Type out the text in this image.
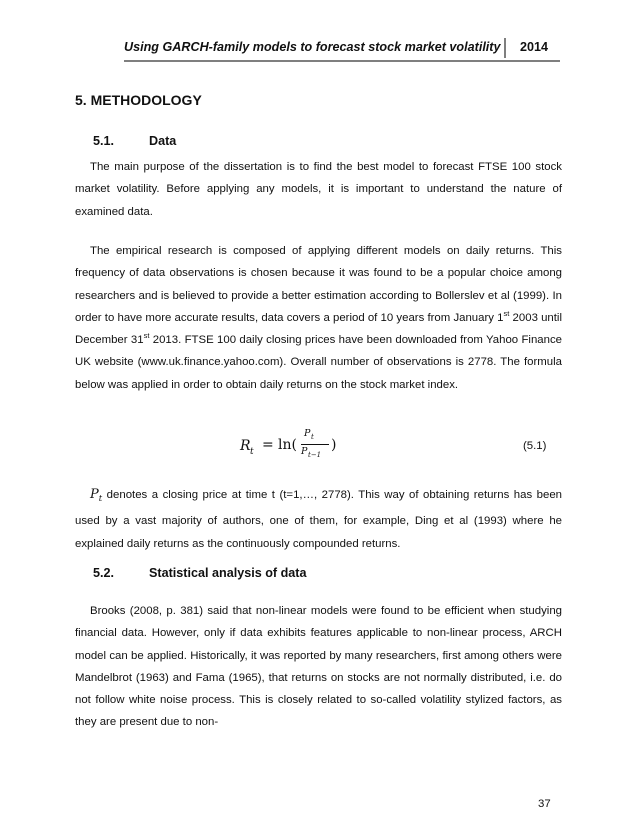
Using GARCH-family models to forecast stock market volatility 2014
5. METHODOLOGY
5.1.	Data

The main purpose of the dissertation is to find the best model to forecast FTSE 100 stock market volatility. Before applying any models, it is important to understand the nature of examined data.

The empirical research is composed of applying different models on daily returns. This frequency of data observations is chosen because it was found to be a popular choice among researchers and is believed to provide a better estimation according to Bollerslev et al (1999). In order to have more accurate results, data covers a period of 10 years from January 1st 2003 until December 31st 2013. FTSE 100 daily closing prices have been downloaded from Yahoo Finance UK website (www.uk.finance.yahoo.com). Overall number of observations is 2778. The formula below was applied in order to obtain daily returns on the stock market index.

R t = ln(
P t
P t−1
)	(5.1)

$P_t$ denotes a closing price at time t (t=1,…, 2778). This way of obtaining returns has been used by a vast majority of authors, one of them, for example, Ding et al (1993) where he explained daily returns as the continuously compounded returns.

5.2.	Statistical analysis of data

Brooks (2008, p. 381) said that non-linear models were found to be efficient when studying financial data. However, only if data exhibits features applicable to non-linear process, ARCH model can be applied. Historically, it was reported by many researchers, first among others were Mandelbrot (1963) and Fama (1965), that returns on stocks are not normally distributed, i.e. do not follow white noise process. This is closely related to so-called volatility stylized factors, as they are present due to non-

37
